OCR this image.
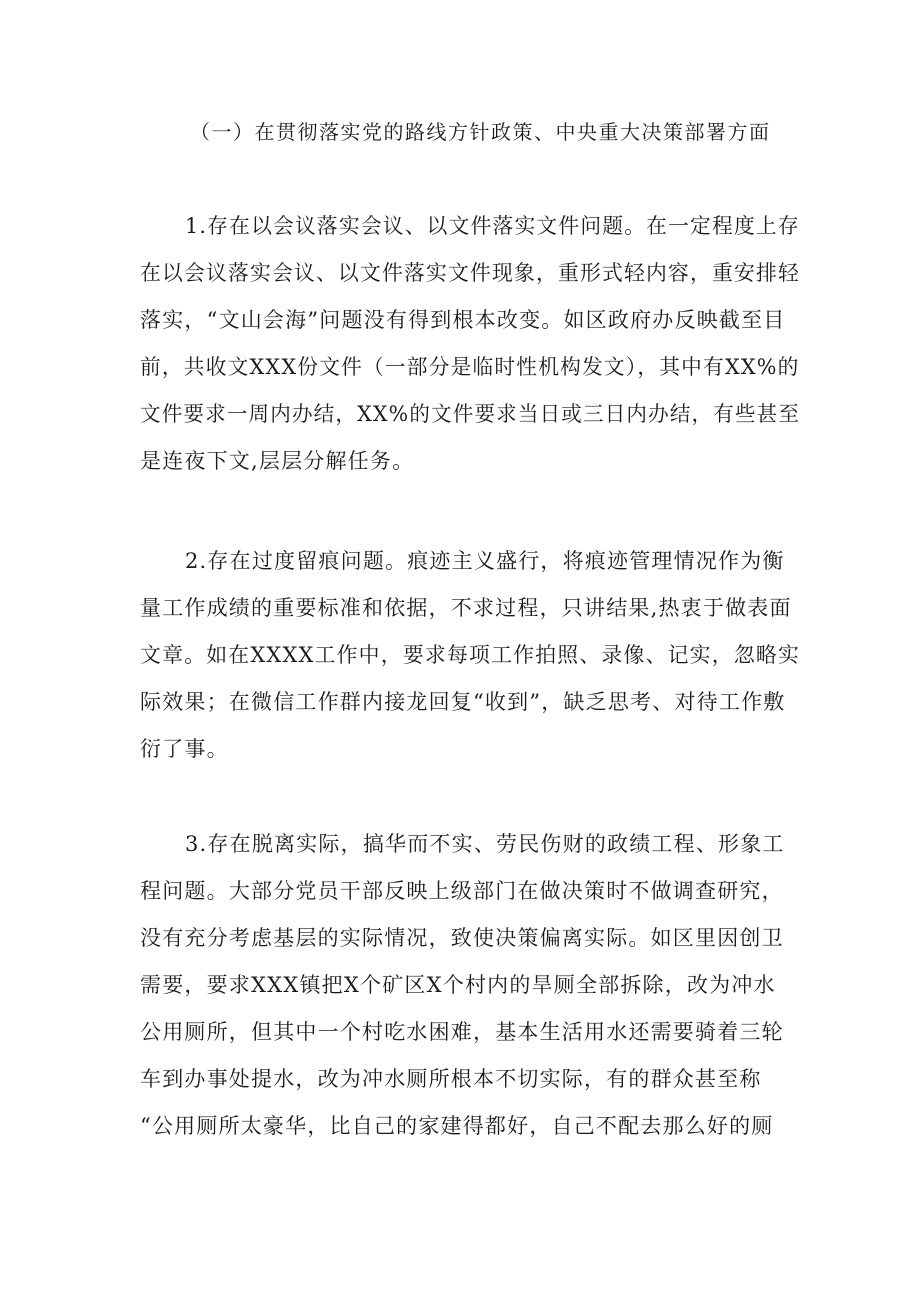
（一）在贯彻落实党的路线方针政策、中央重大决策部署方面
1.存在以会议落实会议、以文件落实文件问题。在一定程度上存
在以会议落实会议、以文件落实文件现象，重形式轻内容，重安排轻
落实，“文山会海”问题没有得到根本改变。如区政府办反映截至目
前，共收文XXX份文件（一部分是临时性机构发文），其中有XX%的
文件要求一周内办结，XX%的文件要求当日或三日内办结，有些甚至
是连夜下文,层层分解任务。
2.存在过度留痕问题。痕迹主义盛行，将痕迹管理情况作为衡
量工作成绩的重要标准和依据，不求过程，只讲结果,热衷于做表面
文章。如在XXXX工作中，要求每项工作拍照、录像、记实，忽略实
际效果；在微信工作群内接龙回复“收到”，缺乏思考、对待工作敷
衍了事。
3.存在脱离实际，搞华而不实、劳民伤财的政绩工程、形象工
程问题。大部分党员干部反映上级部门在做决策时不做调查研究，
没有充分考虑基层的实际情况，致使决策偏离实际。如区里因创卫
需要，要求XXX镇把X个矿区X个村内的旱厕全部拆除，改为冲水
公用厕所，但其中一个村吃水困难，基本生活用水还需要骑着三轮
车到办事处提水，改为冲水厕所根本不切实际，有的群众甚至称
“公用厕所太豪华，比自己的家建得都好，自己不配去那么好的厕
